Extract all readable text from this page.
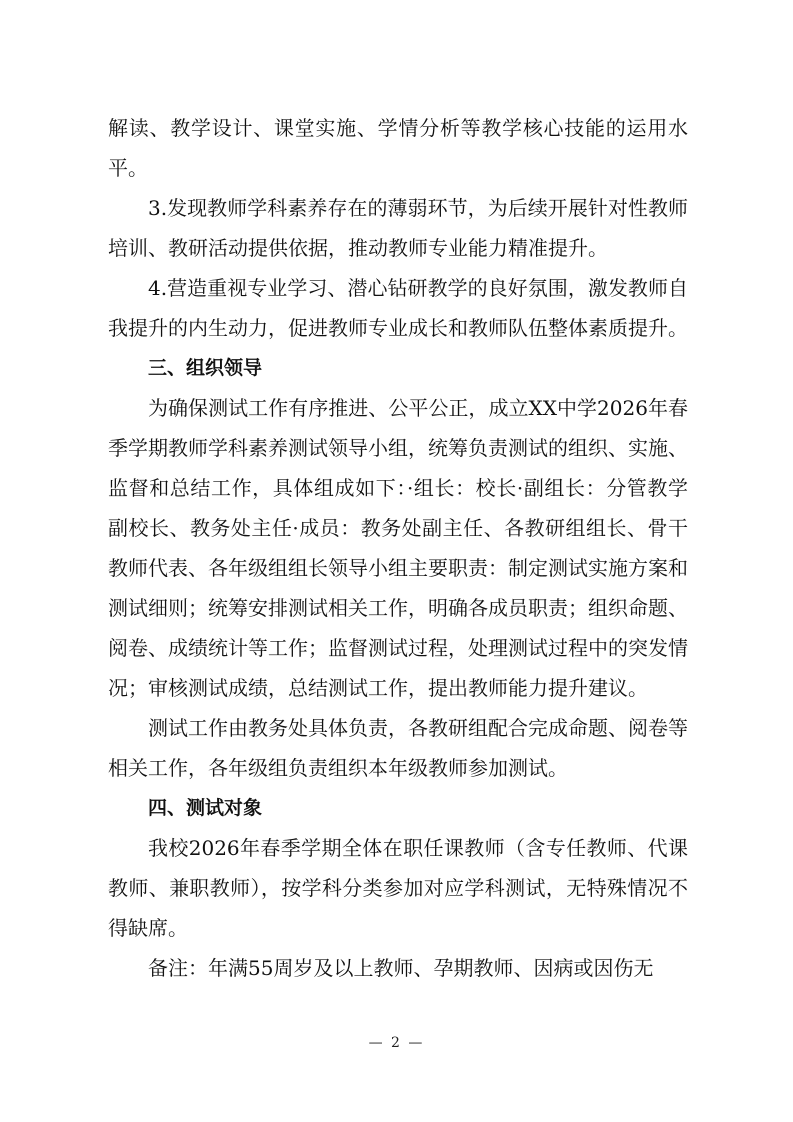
解读、教学设计、课堂实施、学情分析等教学核心技能的运用水平。

3.发现教师学科素养存在的薄弱环节，为后续开展针对性教师培训、教研活动提供依据，推动教师专业能力精准提升。

4.营造重视专业学习、潜心钻研教学的良好氛围，激发教师自我提升的内生动力，促进教师专业成长和教师队伍整体素质提升。

三、组织领导

为确保测试工作有序推进、公平公正，成立XX中学2026年春季学期教师学科素养测试领导小组，统筹负责测试的组织、实施、监督和总结工作，具体组成如下：·组长：校长·副组长：分管教学副校长、教务处主任·成员：教务处副主任、各教研组组长、骨干教师代表、各年级组组长领导小组主要职责：制定测试实施方案和测试细则；统筹安排测试相关工作，明确各成员职责；组织命题、阅卷、成绩统计等工作；监督测试过程，处理测试过程中的突发情况；审核测试成绩，总结测试工作，提出教师能力提升建议。

测试工作由教务处具体负责，各教研组配合完成命题、阅卷等相关工作，各年级组负责组织本年级教师参加测试。

四、测试对象

我校2026年春季学期全体在职任课教师（含专任教师、代课教师、兼职教师），按学科分类参加对应学科测试，无特殊情况不得缺席。

备注：年满55周岁及以上教师、孕期教师、因病或因伤无

— 2 —
